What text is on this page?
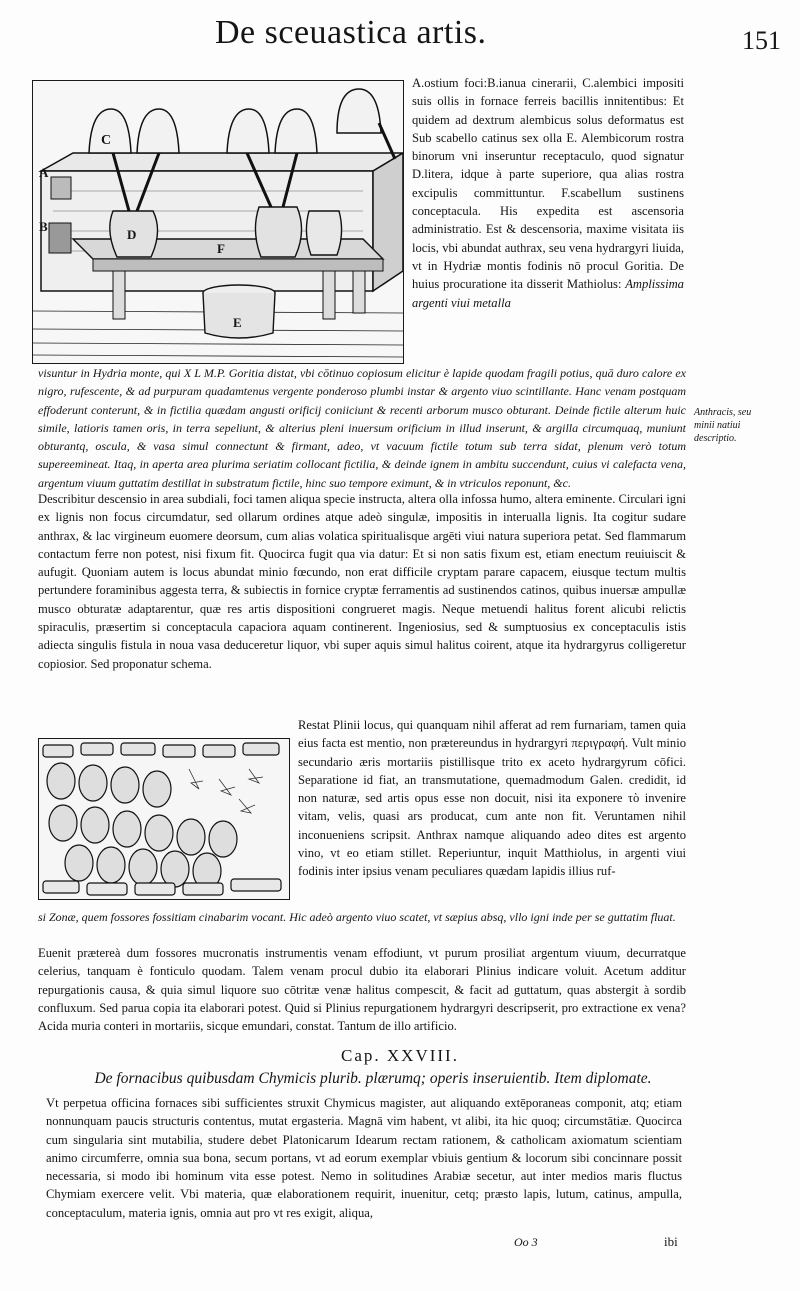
De sceuastica artis.	151
A
B
C
D
E
F

A.ostium foci:B.ianua cinerarii, C.alembici impositi suis ollis in fornace ferreis bacillis innitentibus: Et quidem ad dextrum alembicus solus deformatus est Sub scabello catinus sex olla E. Alembicorum rostra binorum vni inseruntur receptaculo, quod signatur D.litera, idque à parte superiore, qua alias rostra excipulis committuntur. F.scabellum sustinens conceptacula. His expedita est ascensoria administratio. Est & descensoria, maxime visitata iis locis, vbi abundat authrax, seu vena hydrargyri liuida, vt in Hydriæ montis fodinis nō procul Goritia. De huius procuratione ita disserit Mathiolus: Amplissima argenti viui metalla

visuntur in Hydria monte, qui X L M.P. Goritia distat, vbi cōtinuo copiosum elicitur è lapide quodam fragili potius, quā duro calore ex nigro, rufescente, & ad purpuram quadamtenus vergente ponderoso plumbi instar & argento viuo scintillante. Hanc venam postquam effoderunt conterunt, & in fictilia quædam angusti orificij coniiciunt & recenti arborum musco obturant. Deinde fictile alterum huic simile, latioris tamen oris, in terra sepeliunt, & alterius pleni inuersum orificium in illud inserunt, & argilla circumquaq, muniunt obturantq, oscula, & vasa simul connectunt & firmant, adeo, vt vacuum fictile totum sub terra sidat, plenum verò totum supereemineat. Itaq, in aperta area plurima seriatim collocant fictilia, & deinde ignem in ambitu succendunt, cuius vi calefacta vena, argentum viuum guttatim destillat in substratum fictile, hinc suo tempore eximunt, & in vtriculos reponunt, &c.

Anthracis, seu minii natiui descriptio.

Describitur descensio in area subdiali, foci tamen aliqua specie instructa, altera olla infossa humo, altera eminente. Circulari igni ex lignis non focus circumdatur, sed ollarum ordines atque adeò singulæ, impositis in interualla lignis. Ita cogitur sudare anthrax, & lac virgineum euomere deorsum, cum alias volatica spiritualisque argēti viui natura superiora petat. Sed flammarum contactum ferre non potest, nisi fixum fit. Quocirca fugit qua via datur: Et si non satis fixum est, etiam enectum reuiuiscit & aufugit. Quoniam autem is locus abundat minio fœcundo, non erat difficile cryptam parare capacem, eiusque tectum multis pertundere foraminibus aggesta terra, & subiectis in fornice cryptæ ferramentis ad sustinendos catinos, quibus inuersæ ampullæ musco obturatæ adaptarentur, quæ res artis dispositioni congrueret magis. Neque metuendi halitus forent alicubi relictis spiraculis, præsertim si conceptacula capaciora aquam continerent. Ingeniosius, sed & sumptuosius ex conceptaculis istis adiecta singulis fistula in noua vasa deduceretur liquor, vbi super aquis simul halitus coirent, atque ita hydrargyrus colligeretur copiosior. Sed proponatur schema.

Restat Plinii locus, qui quanquam nihil afferat ad rem furnariam, tamen quia eius facta est mentio, non prætereundus in hydrargyri περιγραφή. Vult minio secundario æris mortariis pistillisque trito ex aceto hydrargyrum cōfici. Separatione id fiat, an transmutatione, quemadmodum Galen. credidit, id non naturæ, sed artis opus esse non docuit, nisi ita exponere τὸ invenire vitam, velis, quasi ars producat, cum ante non fit. Veruntamen nihil inconueniens scripsit. Anthrax namque aliquando adeo dites est argento vino, vt eo etiam stillet. Reperiuntur, inquit Matthiolus, in argenti viui fodinis inter ipsius venam peculiares quædam lapidis illius ruf-

si Zonæ, quem fossores fossitiam cinabarim vocant. Hic adeò argento viuo scatet, vt sæpius absq, vllo igni inde per se guttatim fluat.

Euenit prætereà dum fossores mucronatis instrumentis venam effodiunt, vt purum prosiliat argentum viuum, decurratque celerius, tanquam è fonticulo quodam. Talem venam procul dubio ita elaborari Plinius indicare voluit. Acetum additur repurgationis causa, & quia simul liquore suo cōtritæ venæ halitus compescit, & facit ad guttatum, quas abstergit à sordib confluxum. Sed parua copia ita elaborari potest. Quid si Plinius repurgationem hydrargyri descripserit, pro extractione ex vena? Acida muria conteri in mortariis, sicque emundari, constat. Tantum de illo artificio.

Cap. XXVIII.
De fornacibus quibusdam Chymicis plurib. plærumq; operis inseruientib. Item diplomate.

Vt perpetua officina fornaces sibi sufficientes struxit Chymicus magister, aut aliquando extēporaneas componit, atq; etiam nonnunquam paucis structuris contentus, mutat ergasteria. Magnā vim habent, vt alibi, ita hic quoq; circumstātiæ. Quocirca cum singularia sint mutabilia, studere debet Platonicarum Idearum rectam rationem, & catholicam axiomatum scientiam animo circumferre, omnia sua bona, secum portans, vt ad eorum exemplar vbiuis gentium & locorum sibi concinnare possit necessaria, si modo ibi hominum vita esse potest. Nemo in solitudines Arabiæ secetur, aut inter medios maris fluctus Chymiam exercere velit. Vbi materia, quæ elaborationem requirit, inuenitur, cetq; præsto lapis, lutum, catinus, ampulla, conceptaculum, materia ignis, omnia aut pro vt res exigit, aliqua,

Oo 3	ibi
